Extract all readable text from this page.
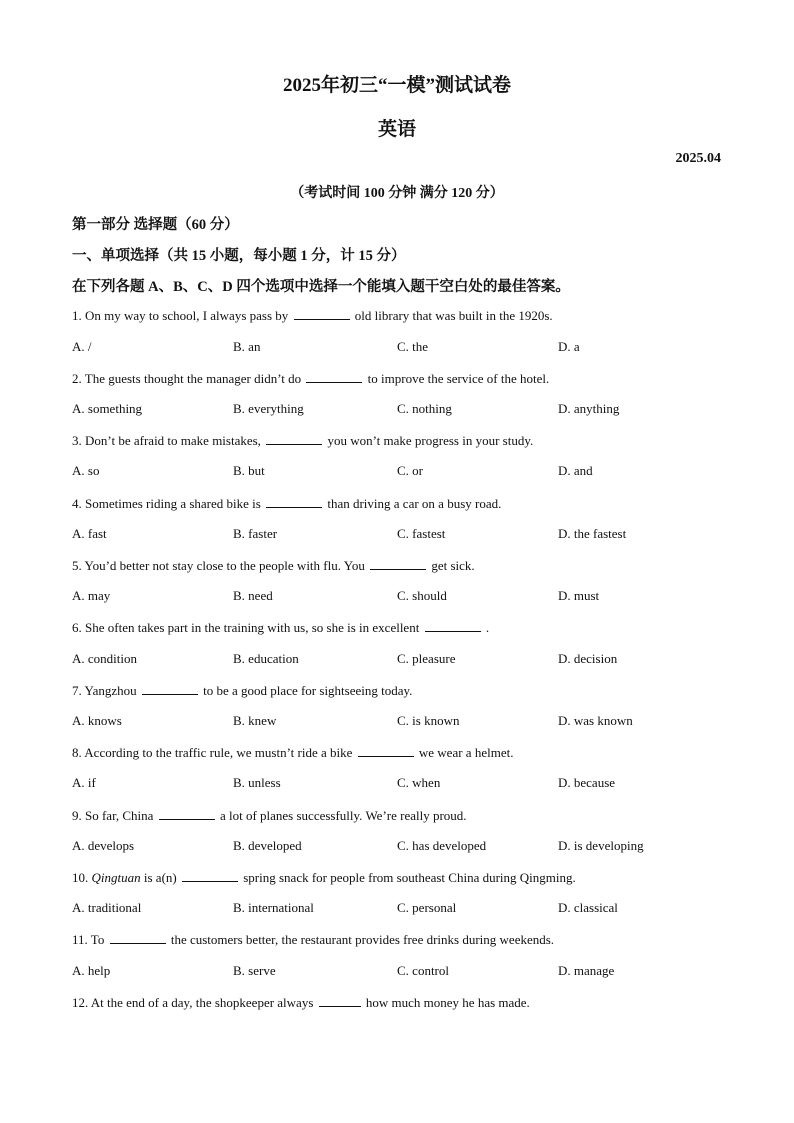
2025年初三“一模”测试试卷
英语
2025.04
（考试时间 100 分钟 满分 120 分）
第一部分 选择题（60 分）
一、单项选择（共 15 小题，每小题 1 分，计 15 分）
在下列各题 A、B、C、D 四个选项中选择一个能填入题干空白处的最佳答案。
1. On my way to school, I always pass by	old library that was built in the 1920s.
A. /	B. an	C. the	D. a
2. The guests thought the manager didn’t do	to improve the service of the hotel.
A. something	B. everything	C. nothing	D. anything
3. Don’t be afraid to make mistakes,	you won’t make progress in your study.
A. so	B. but	C. or	D. and
4. Sometimes riding a shared bike is	than driving a car on a busy road.
A. fast	B. faster	C. fastest	D. the fastest
5. You’d better not stay close to the people with flu. You	get sick.
A. may	B. need	C. should	D. must
6. She often takes part in the training with us, so she is in excellent	.
A. condition	B. education	C. pleasure	D. decision
7. Yangzhou	to be a good place for sightseeing today.
A. knows	B. knew	C. is known	D. was known
8. According to the traffic rule, we mustn’t ride a bike	we wear a helmet.
A. if	B. unless	C. when	D. because
9. So far, China	a lot of planes successfully. We’re really proud.
A. develops	B. developed	C. has developed	D. is developing
10. Qingtuan is a(n)	spring snack for people from southeast China during Qingming.
A. traditional	B. international	C. personal	D. classical
11. To	the customers better, the restaurant provides free drinks during weekends.
A. help	B. serve	C. control	D. manage
12. At the end of a day, the shopkeeper always	how much money he has made.
